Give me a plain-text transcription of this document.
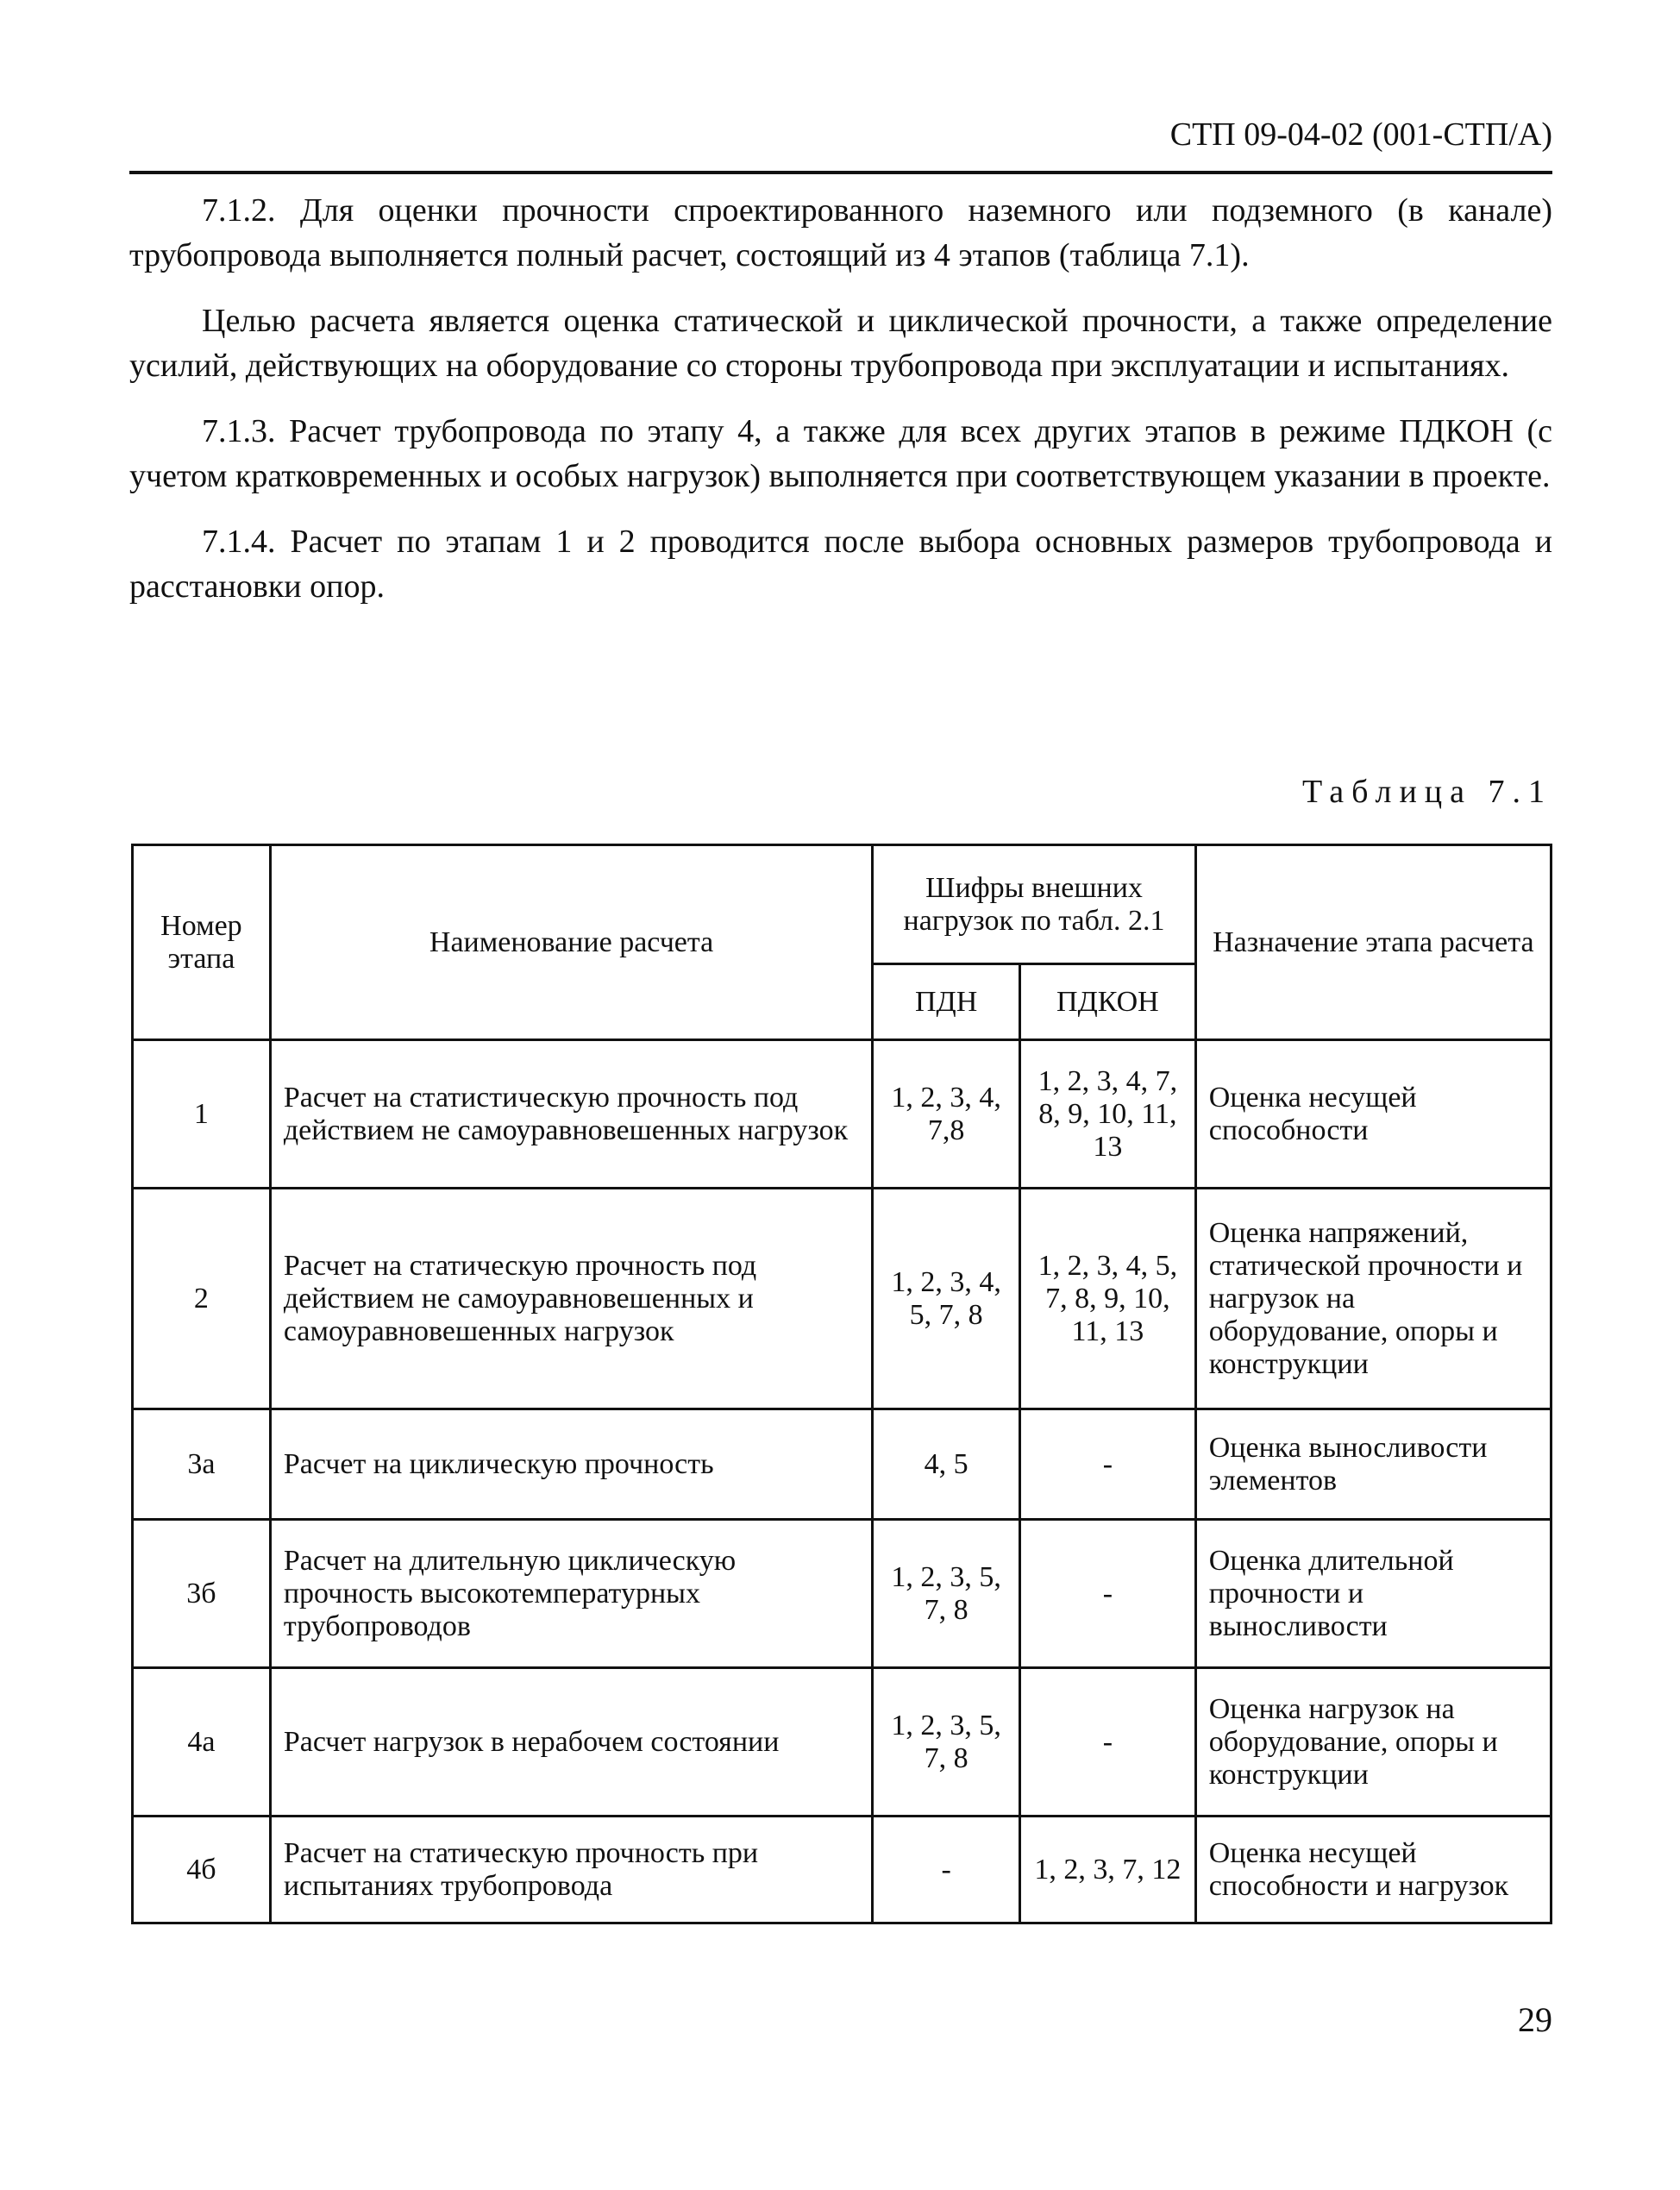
СТП 09-04-02 (001-СТП/А)

7.1.2. Для оценки прочности спроектированного наземного или подземного (в канале) трубопровода выполняется полный расчет, состоящий из 4 этапов (таблица 7.1).

Целью расчета является оценка статической и циклической прочности, а также определение усилий, действующих на оборудование со стороны трубопровода при эксплуатации и испытаниях.

7.1.3. Расчет трубопровода по этапу 4, а также для всех других этапов в режиме ПДКОН (с учетом кратковременных и особых нагрузок) выполняется при соответствующем указании в проекте.

7.1.4. Расчет по этапам 1 и 2 проводится после выбора основных размеров трубопровода и расстановки опор.

Таблица 7.1
Номер этапа	Наименование расчета	Шифры внешних нагрузок по табл. 2.1		Назначение этапа расчета
		ПДН	ПДКОН	
1	Расчет на статистическую прочность под действием не самоуравновешенных нагрузок	1, 2, 3, 4, 7,8	1, 2, 3, 4, 7, 8, 9, 10, 11, 13	Оценка несущей способности
2	Расчет на статическую прочность под действием не самоуравновешенных и самоуравновешенных нагрузок	1, 2, 3, 4, 5, 7, 8	1, 2, 3, 4, 5, 7, 8, 9, 10, 11, 13	Оценка напряжений, статической прочности и нагрузок на оборудование, опоры и конструкции
3а	Расчет на циклическую прочность	4, 5	-	Оценка выносливости элементов
3б	Расчет на длительную циклическую прочность высокотемпературных трубопроводов	1, 2, 3, 5, 7, 8	-	Оценка длительной прочности и выносливости
4а	Расчет нагрузок в нерабочем состоянии	1, 2, 3, 5, 7, 8	-	Оценка нагрузок на оборудование, опоры и конструкции
4б	Расчет на статическую прочность при испытаниях трубопровода	-	1, 2, 3, 7, 12	Оценка несущей способности и нагрузок
29
